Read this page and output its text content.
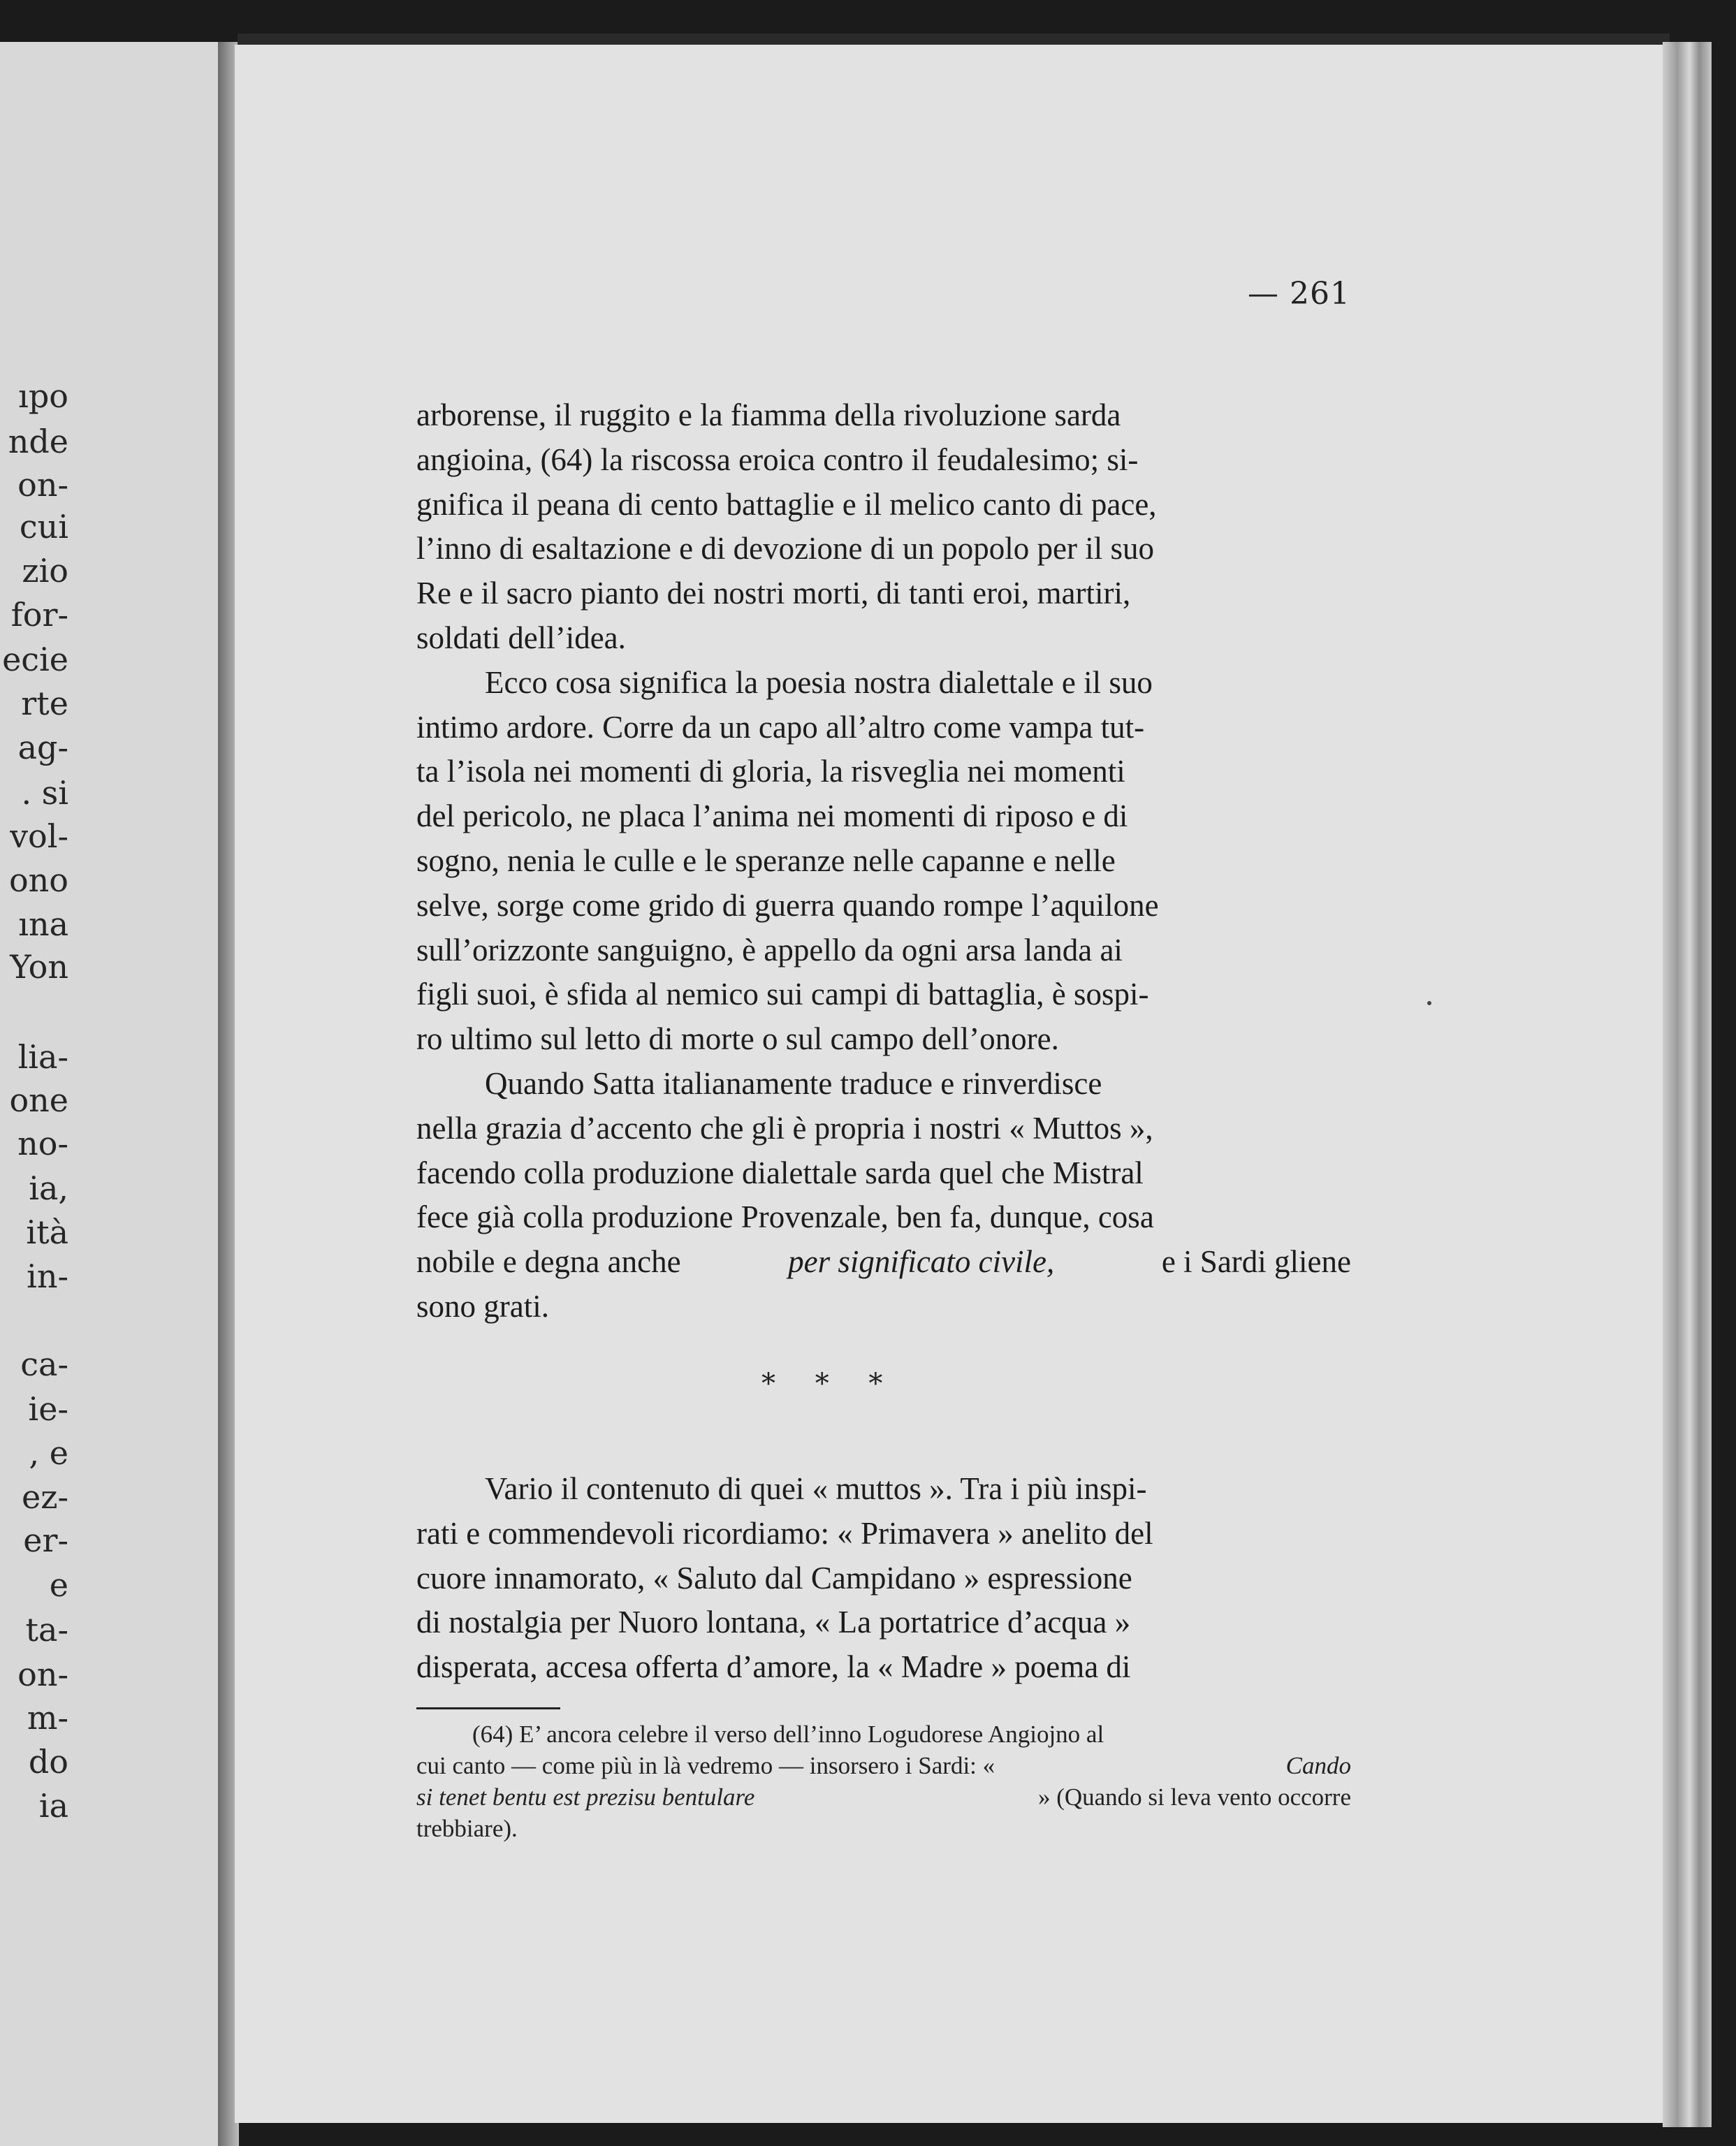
ıpo
nde
on-
cui
zio
for-
ecie
rte
ag-
. si
vol-
ono
ına
Yon
lia-
one
no-
ia,
ità
in-
ca-
ie-
, e
ez-
er-
e
ta-
on-
m-
do
ia
— 261
arborense, il ruggito e la fiamma della rivoluzione sarda
angioina, (64) la riscossa eroica contro il feudalesimo; si-
gnifica il peana di cento battaglie e il melico canto di pace,
l’inno di esaltazione e di devozione di un popolo per il suo
Re e il sacro pianto dei nostri morti, di tanti eroi, martiri,
soldati dell’idea.
Ecco cosa significa la poesia nostra dialettale e il suo
intimo ardore. Corre da un capo all’altro come vampa tut-
ta l’isola nei momenti di gloria, la risveglia nei momenti
del pericolo, ne placa l’anima nei momenti di riposo e di
sogno, nenia le culle e le speranze nelle capanne e nelle
selve, sorge come grido di guerra quando rompe l’aquilone
sull’orizzonte sanguigno, è appello da ogni arsa landa ai
figli suoi, è sfida al nemico sui campi di battaglia, è sospi-
ro ultimo sul letto di morte o sul campo dell’onore.
Quando Satta italianamente traduce e rinverdisce
nella grazia d’accento che gli è propria i nostri « Muttos »,
facendo colla produzione dialettale sarda quel che Mistral
fece già colla produzione Provenzale, ben fa, dunque, cosa
nobile e degna anche	per significato civile,	e i Sardi gliene
sono grati.
* * *
Vario il contenuto di quei « muttos ». Tra i più inspi-
rati e commendevoli ricordiamo: « Primavera » anelito del
cuore innamorato, « Saluto dal Campidano » espressione
di nostalgia per Nuoro lontana, « La portatrice d’acqua »
disperata, accesa offerta d’amore, la « Madre » poema di
(64) E’ ancora celebre il verso dell’inno Logudorese Angiojno al
cui canto — come più in là vedremo — insorsero i Sardi: «	Cando
si tenet bentu est prezisu bentulare	» (Quando si leva vento occorre
trebbiare).
